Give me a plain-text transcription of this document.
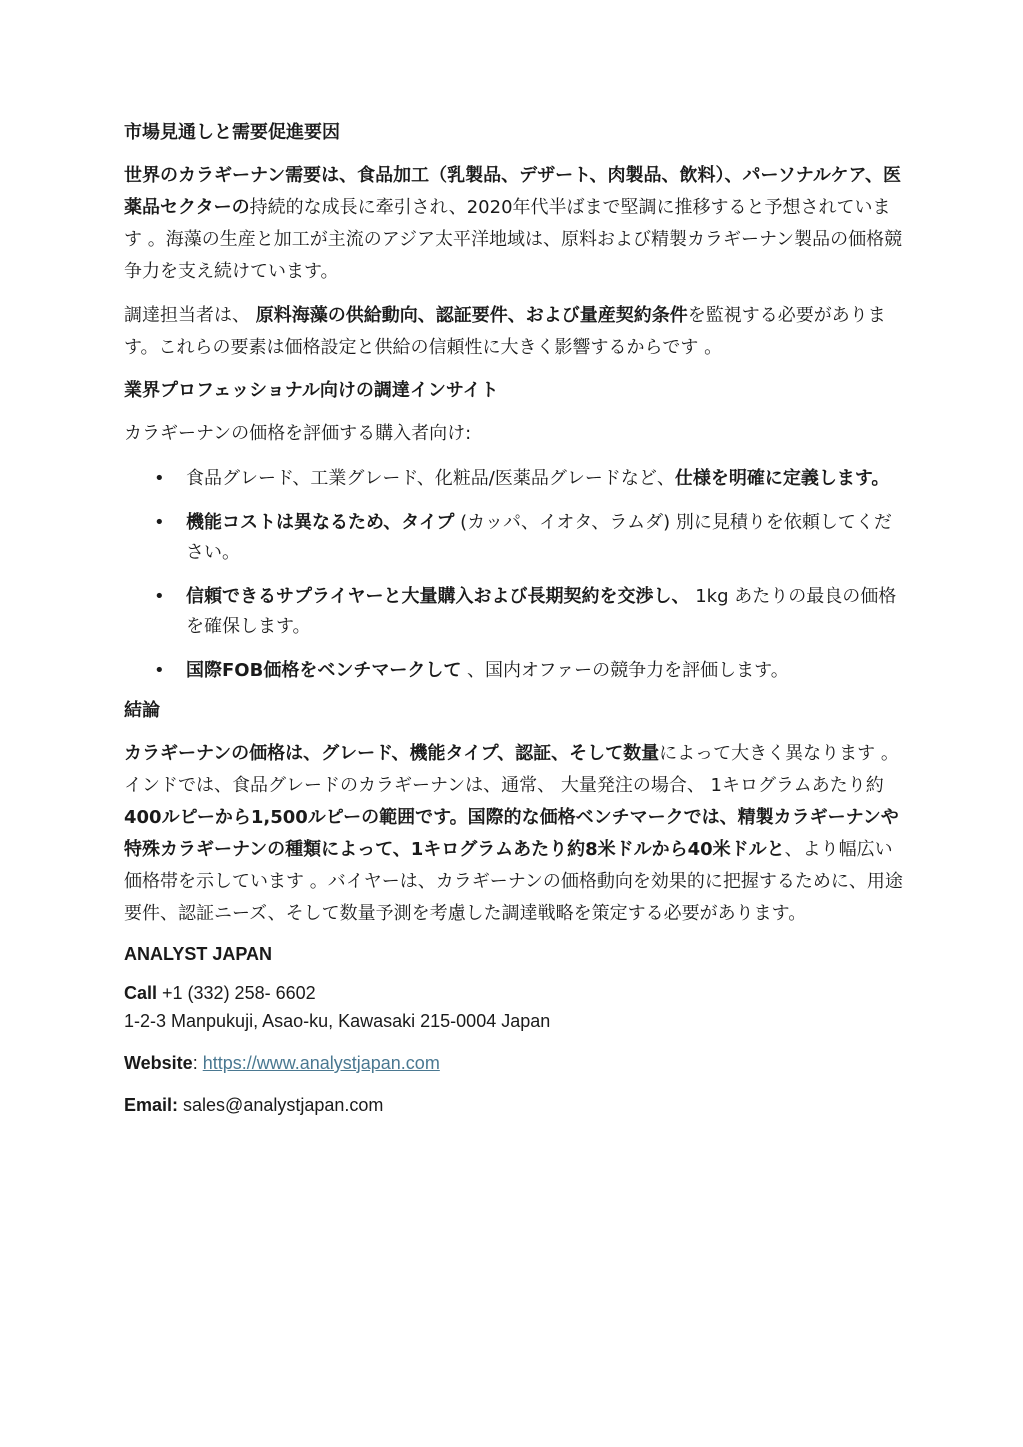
市場見通しと需要促進要因

世界のカラギーナン需要は、食品加工（乳製品、デザート、肉製品、飲料）、パーソナルケア、医薬品セクターの持続的な成長に牽引され、2020年代半ばまで堅調に推移すると予想されています 。海藻の生産と加工が主流のアジア太平洋地域は、原料および精製カラギーナン製品の価格競争力を支え続けています。

調達担当者は、 原料海藻の供給動向、認証要件、および量産契約条件を監視する必要があります。これらの要素は価格設定と供給の信頼性に大きく影響するからです 。

業界プロフェッショナル向けの調達インサイト

カラギーナンの価格を評価する購入者向け:

• 食品グレード、工業グレード、化粧品/医薬品グレードなど、仕様を明確に定義します。
• 機能コストは異なるため、タイプ (カッパ、イオタ、ラムダ) 別に見積りを依頼してください。
• 信頼できるサプライヤーと大量購入および長期契約を交渉し、 1kg あたりの最良の価格を確保します。
• 国際FOB価格をベンチマークして 、国内オファーの競争力を評価します。
結論

カラギーナンの価格は、グレード、機能タイプ、認証、そして数量によって大きく異なります 。インドでは、食品グレードのカラギーナンは、通常、 大量発注の場合、 1キログラムあたり約400ルピーから1,500ルピーの範囲です。国際的な価格ベンチマークでは、精製カラギーナンや特殊カラギーナンの種類によって、1キログラムあたり約8米ドルから40米ドルと、より幅広い価格帯を示しています 。バイヤーは、カラギーナンの価格動向を効果的に把握するために、用途要件、認証ニーズ、そして数量予測を考慮した調達戦略を策定する必要があります。

ANALYST JAPAN

Call +1 (332) 258- 6602

1-2-3 Manpukuji, Asao-ku, Kawasaki 215-0004 Japan

Website: https://www.analystjapan.com

Email: sales@analystjapan.com
